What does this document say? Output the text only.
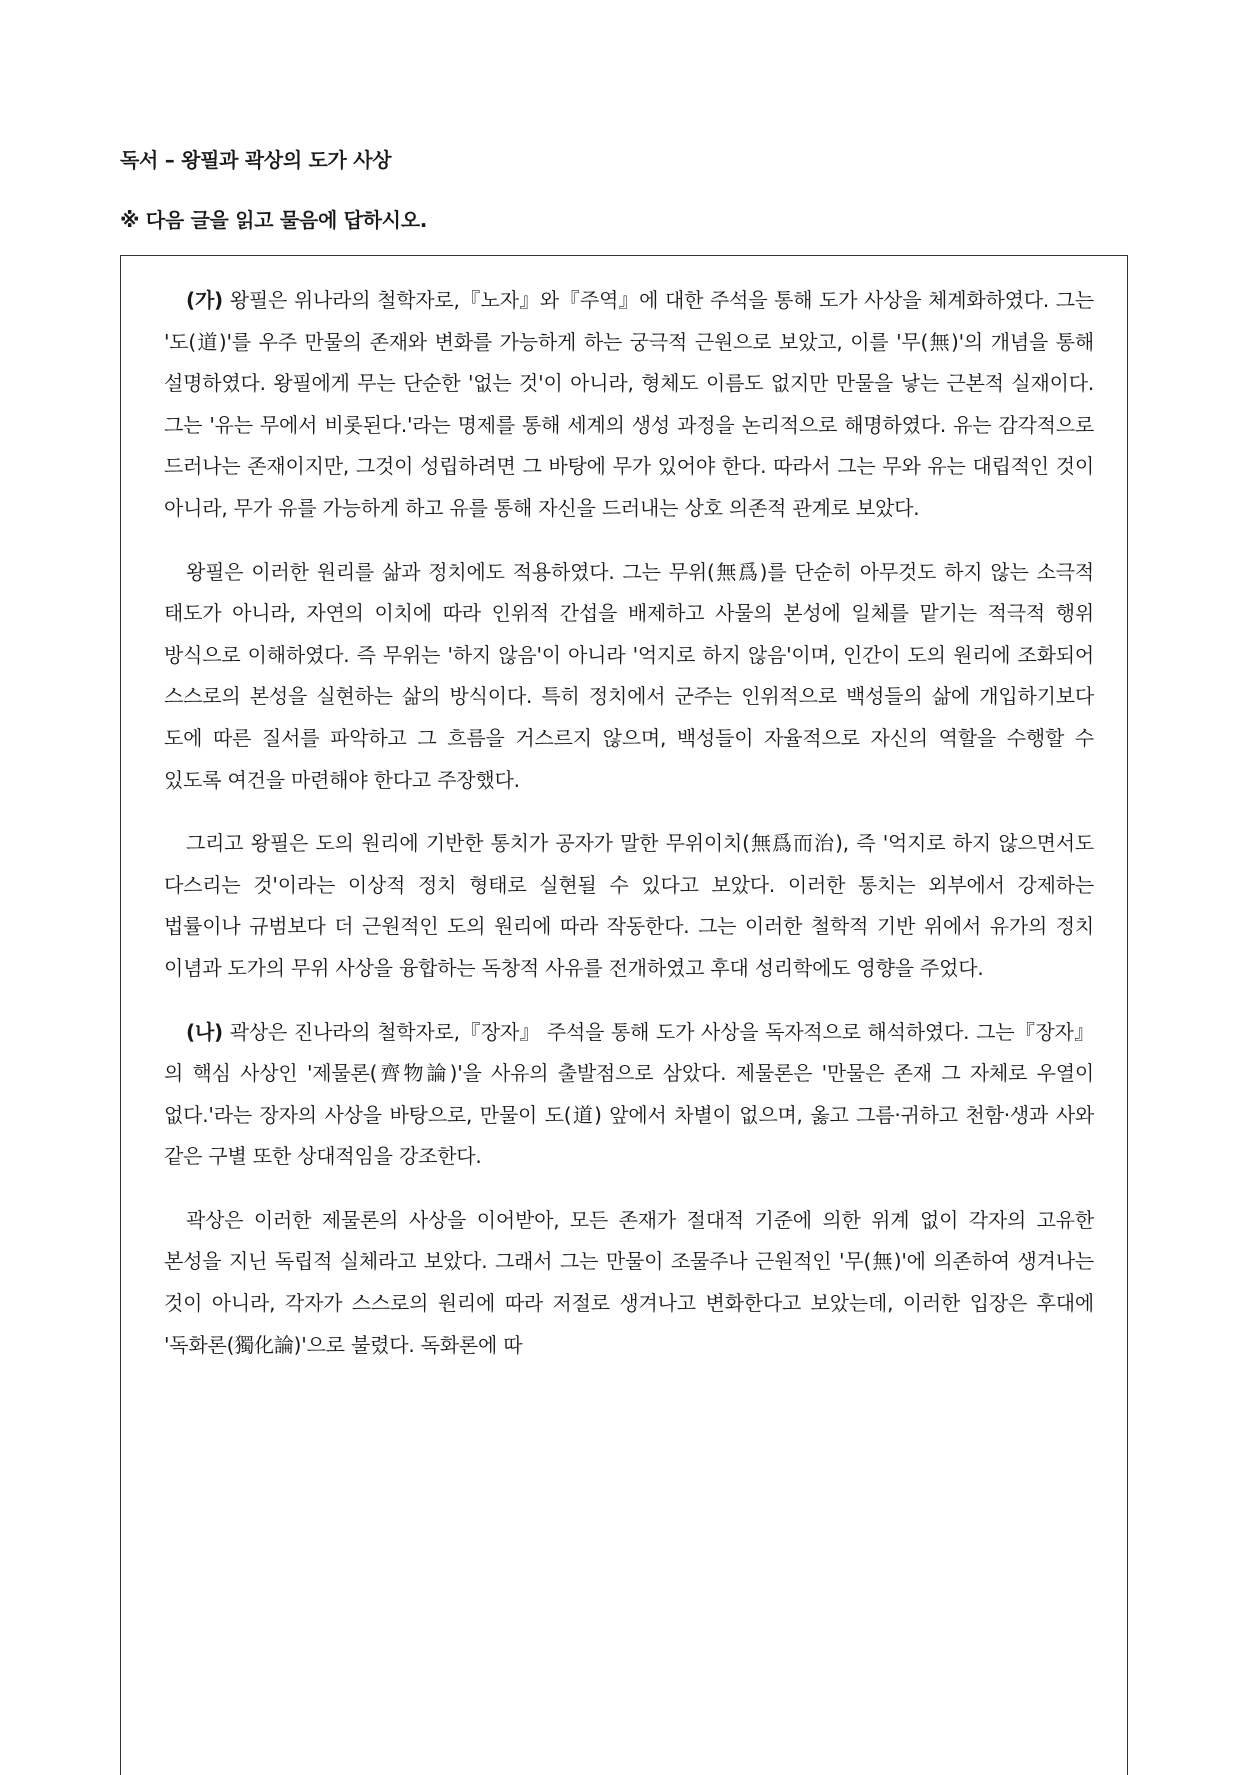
독서 – 왕필과 곽상의 도가 사상

※ 다음 글을 읽고 물음에 답하시오.

(가) 왕필은 위나라의 철학자로,『노자』와『주역』에 대한 주석을 통해 도가 사상을 체계화하였다. 그는 '도(道)'를 우주 만물의 존재와 변화를 가능하게 하는 궁극적 근원으로 보았고, 이를 '무(無)'의 개념을 통해 설명하였다. 왕필에게 무는 단순한 '없는 것'이 아니라, 형체도 이름도 없지만 만물을 낳는 근본적 실재이다. 그는 '유는 무에서 비롯된다.'라는 명제를 통해 세계의 생성 과정을 논리적으로 해명하였다. 유는 감각적으로 드러나는 존재이지만, 그것이 성립하려면 그 바탕에 무가 있어야 한다. 따라서 그는 무와 유는 대립적인 것이 아니라, 무가 유를 가능하게 하고 유를 통해 자신을 드러내는 상호 의존적 관계로 보았다.

왕필은 이러한 원리를 삶과 정치에도 적용하였다. 그는 무위(無爲)를 단순히 아무것도 하지 않는 소극적 태도가 아니라, 자연의 이치에 따라 인위적 간섭을 배제하고 사물의 본성에 일체를 맡기는 적극적 행위 방식으로 이해하였다. 즉 무위는 '하지 않음'이 아니라 '억지로 하지 않음'이며, 인간이 도의 원리에 조화되어 스스로의 본성을 실현하는 삶의 방식이다. 특히 정치에서 군주는 인위적으로 백성들의 삶에 개입하기보다 도에 따른 질서를 파악하고 그 흐름을 거스르지 않으며, 백성들이 자율적으로 자신의 역할을 수행할 수 있도록 여건을 마련해야 한다고 주장했다.

그리고 왕필은 도의 원리에 기반한 통치가 공자가 말한 무위이치(無爲而治), 즉 '억지로 하지 않으면서도 다스리는 것'이라는 이상적 정치 형태로 실현될 수 있다고 보았다. 이러한 통치는 외부에서 강제하는 법률이나 규범보다 더 근원적인 도의 원리에 따라 작동한다. 그는 이러한 철학적 기반 위에서 유가의 정치 이념과 도가의 무위 사상을 융합하는 독창적 사유를 전개하였고 후대 성리학에도 영향을 주었다.

(나) 곽상은 진나라의 철학자로,『장자』 주석을 통해 도가 사상을 독자적으로 해석하였다. 그는『장자』의 핵심 사상인 '제물론(齊物論)'을 사유의 출발점으로 삼았다. 제물론은 '만물은 존재 그 자체로 우열이 없다.'라는 장자의 사상을 바탕으로, 만물이 도(道) 앞에서 차별이 없으며, 옳고 그름·귀하고 천함·생과 사와 같은 구별 또한 상대적임을 강조한다.

곽상은 이러한 제물론의 사상을 이어받아, 모든 존재가 절대적 기준에 의한 위계 없이 각자의 고유한 본성을 지닌 독립적 실체라고 보았다. 그래서 그는 만물이 조물주나 근원적인 '무(無)'에 의존하여 생겨나는 것이 아니라, 각자가 스스로의 원리에 따라 저절로 생겨나고 변화한다고 보았는데, 이러한 입장은 후대에 '독화론(獨化論)'으로 불렸다. 독화론에 따
